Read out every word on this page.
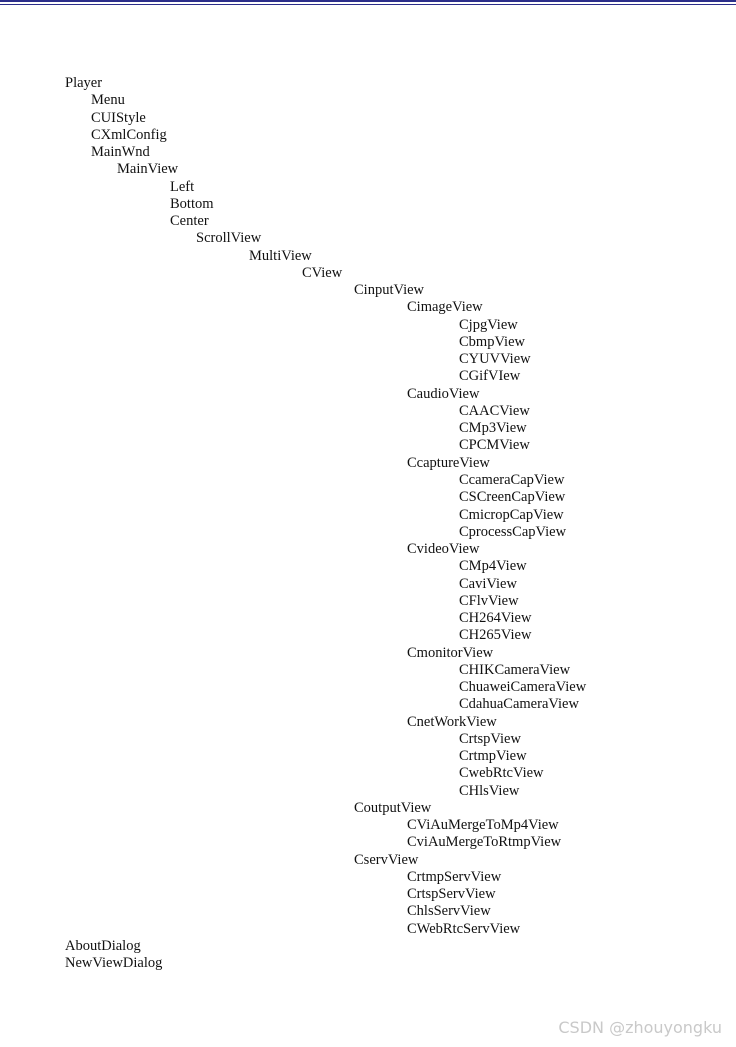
Player
Menu
CUIStyle
CXmlConfig
MainWnd
MainView
Left
Bottom
Center
ScrollView
MultiView
CView
CinputView
CimageView
CjpgView
CbmpView
CYUVView
CGifVIew
CaudioView
CAACView
CMp3View
CPCMView
CcaptureView
CcameraCapView
CSCreenCapView
CmicropCapView
CprocessCapView
CvideoView
CMp4View
CaviView
CFlvView
CH264View
CH265View
CmonitorView
CHIKCameraView
ChuaweiCameraView
CdahuaCameraView
CnetWorkView
CrtspView
CrtmpView
CwebRtcView
CHlsView
CoutputView
CViAuMergeToMp4View
CviAuMergeToRtmpView
CservView
CrtmpServView
CrtspServView
ChlsServView
CWebRtcServView
AboutDialog
NewViewDialog
CSDN @zhouyongku
